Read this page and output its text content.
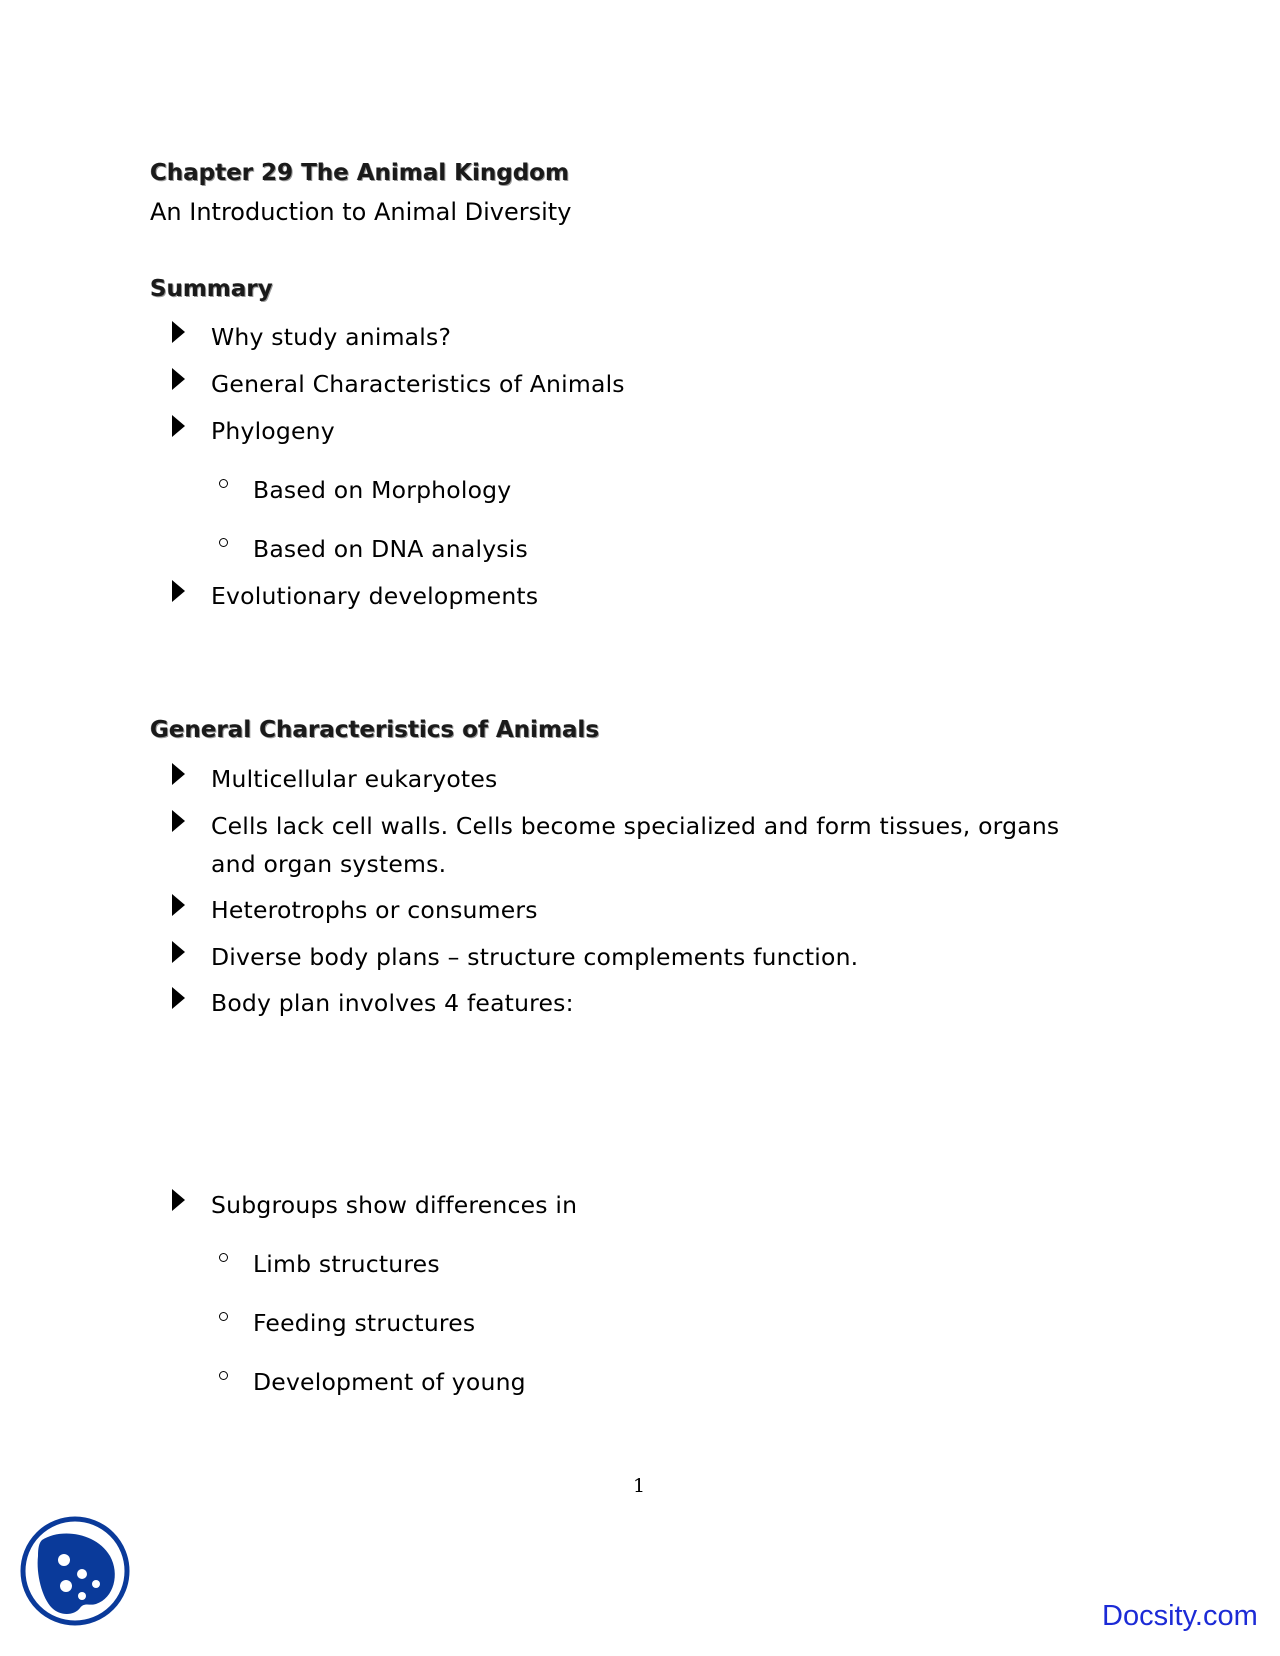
Chapter 29 The Animal Kingdom
An Introduction to Animal Diversity
Summary
Why study animals?
General Characteristics of Animals
Phylogeny
Based on Morphology
Based on DNA analysis
Evolutionary developments
General Characteristics of Animals
Multicellular eukaryotes
Cells lack cell walls. Cells become specialized and form tissues, organs
and organ systems.
Heterotrophs or consumers
Diverse body plans – structure complements function.
Body plan involves 4 features:
Subgroups show differences in
Limb structures
Feeding structures
Development of young
1
Docsity.com
